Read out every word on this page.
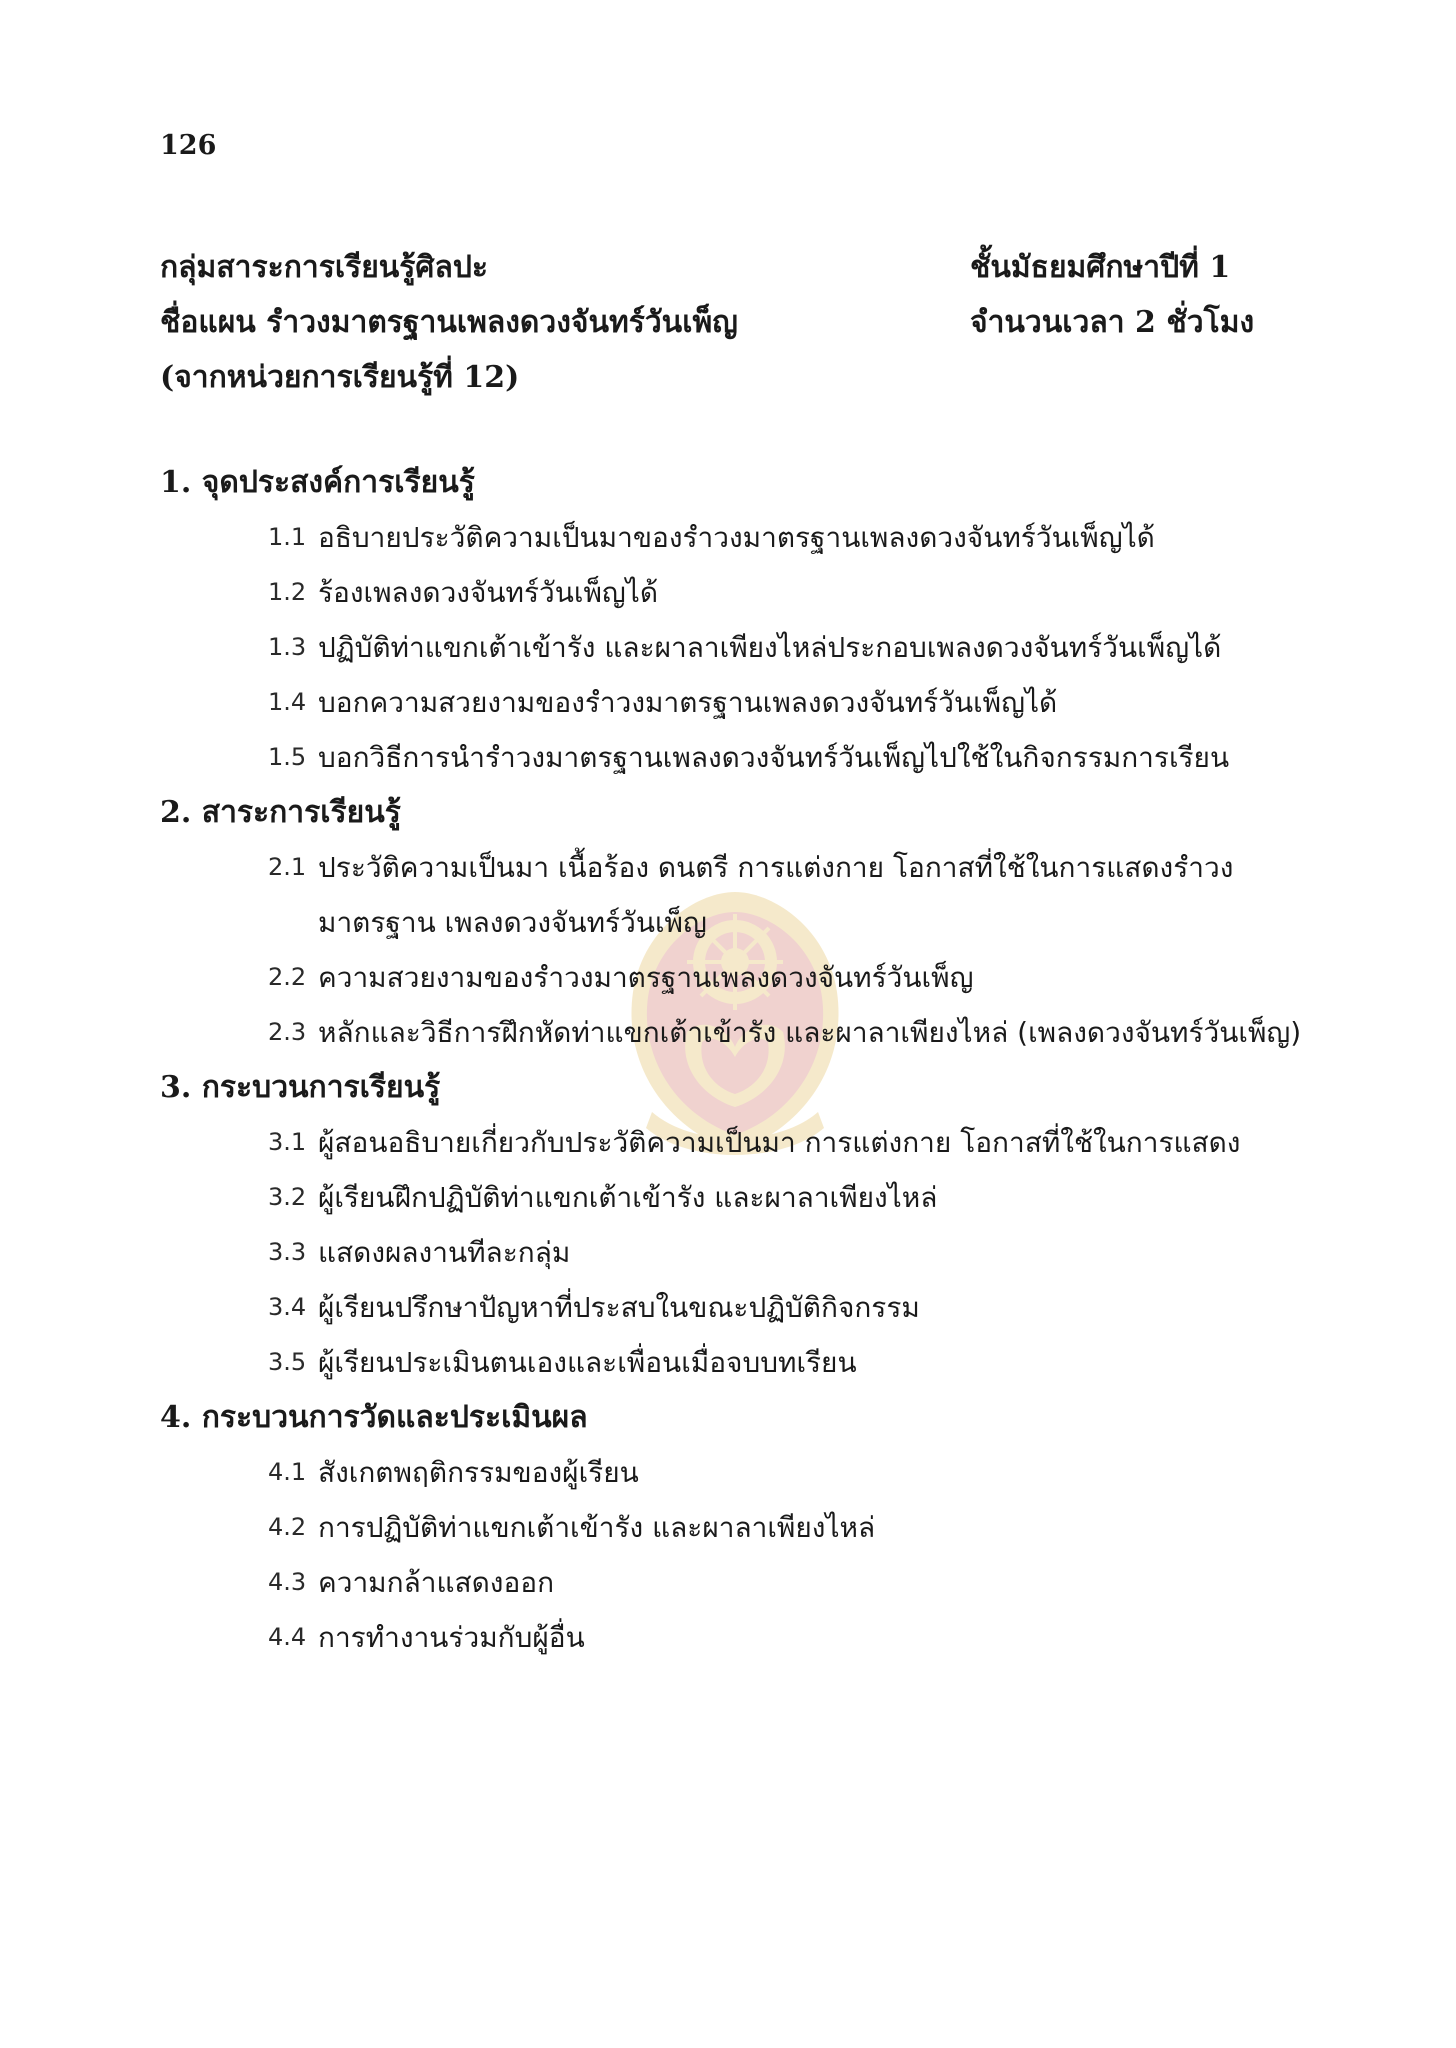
126
กลุ่มสาระการเรียนรู้ศิลปะ	ชั้นมัธยมศึกษาปีที่ 1
ชื่อแผน รำวงมาตรฐานเพลงดวงจันทร์วันเพ็ญ	จำนวนเวลา 2 ชั่วโมง
(จากหน่วยการเรียนรู้ที่ 12)
1. จุดประสงค์การเรียนรู้
1.1 อธิบายประวัติความเป็นมาของรำวงมาตรฐานเพลงดวงจันทร์วันเพ็ญได้
1.2 ร้องเพลงดวงจันทร์วันเพ็ญได้
1.3 ปฏิบัติท่าแขกเต้าเข้ารัง และผาลาเพียงไหล่ประกอบเพลงดวงจันทร์วันเพ็ญได้
1.4 บอกความสวยงามของรำวงมาตรฐานเพลงดวงจันทร์วันเพ็ญได้
1.5 บอกวิธีการนำรำวงมาตรฐานเพลงดวงจันทร์วันเพ็ญไปใช้ในกิจกรรมการเรียน
2. สาระการเรียนรู้
2.1 ประวัติความเป็นมา เนื้อร้อง ดนตรี การแต่งกาย โอกาสที่ใช้ในการแสดงรำวงมาตรฐาน เพลงดวงจันทร์วันเพ็ญ
2.2 ความสวยงามของรำวงมาตรฐานเพลงดวงจันทร์วันเพ็ญ
2.3 หลักและวิธีการฝึกหัดท่าแขกเต้าเข้ารัง และผาลาเพียงไหล่ (เพลงดวงจันทร์วันเพ็ญ)
3. กระบวนการเรียนรู้
3.1 ผู้สอนอธิบายเกี่ยวกับประวัติความเป็นมา การแต่งกาย โอกาสที่ใช้ในการแสดง
3.2 ผู้เรียนฝึกปฏิบัติท่าแขกเต้าเข้ารัง และผาลาเพียงไหล่
3.3 แสดงผลงานทีละกลุ่ม
3.4 ผู้เรียนปรึกษาปัญหาที่ประสบในขณะปฏิบัติกิจกรรม
3.5 ผู้เรียนประเมินตนเองและเพื่อนเมื่อจบบทเรียน
4. กระบวนการวัดและประเมินผล
4.1 สังเกตพฤติกรรมของผู้เรียน
4.2 การปฏิบัติท่าแขกเต้าเข้ารัง และผาลาเพียงไหล่
4.3 ความกล้าแสดงออก
4.4 การทำงานร่วมกับผู้อื่น
